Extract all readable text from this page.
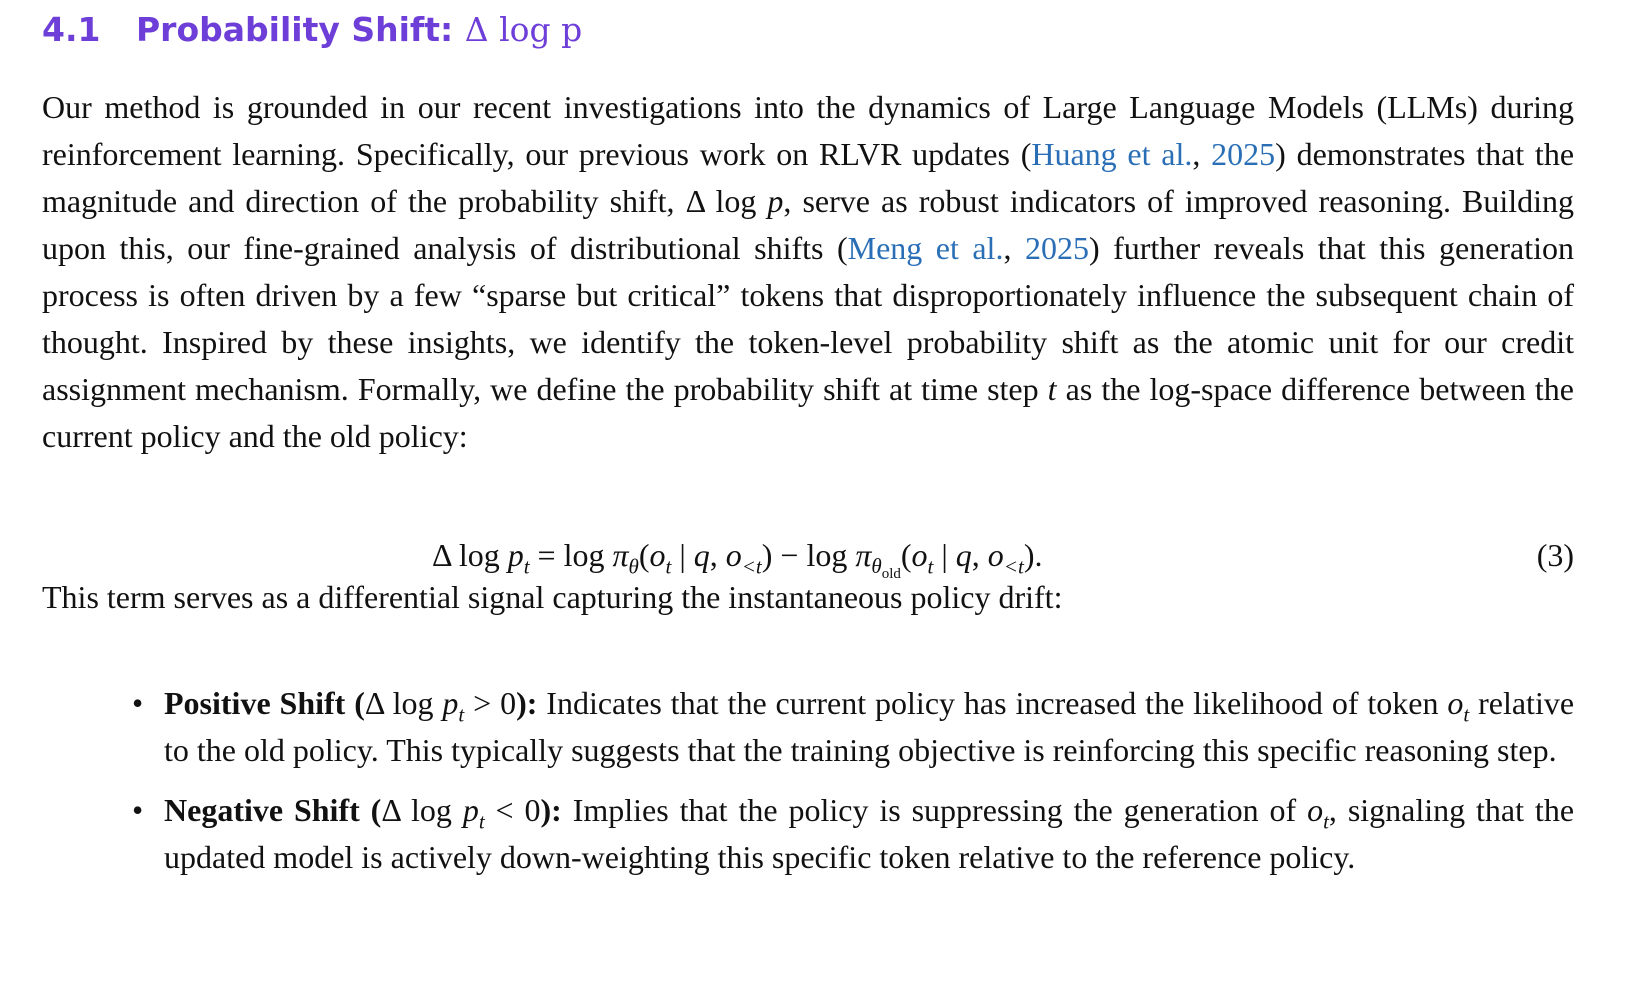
4.1 Probability Shift: Δ log p
Our method is grounded in our recent investigations into the dynamics of Large Language Models (LLMs) during reinforcement learning. Specifically, our previous work on RLVR updates (Huang et al., 2025) demonstrates that the magnitude and direction of the probability shift, Δ log p, serve as robust indicators of improved reasoning. Building upon this, our fine-grained analysis of distributional shifts (Meng et al., 2025) further reveals that this generation process is often driven by a few “sparse but critical” tokens that disproportionately influence the subsequent chain of thought. Inspired by these insights, we identify the token-level probability shift as the atomic unit for our credit assignment mechanism. Formally, we define the probability shift at time step t as the log-space difference between the current policy and the old policy:
Δ $\log p_t = \log \pi_\theta(o_t$ | q, $o_{<t}) - \log \pi_{\theta_{old}}(o_t$ | q, $o_{<t}$).	(3)
This term serves as a differential signal capturing the instantaneous policy drift:
• Positive Shift (Δ $\log p_t > 0$): Indicates that the current policy has increased the likelihood of token $o_t$ relative to the old policy. This typically suggests that the training objective is reinforcing this specific reasoning step.
• Negative Shift (Δ $\log p_t < 0$): Implies that the policy is suppressing the generation of $o_t$, signaling that the updated model is actively down-weighting this specific token relative to the reference policy.
